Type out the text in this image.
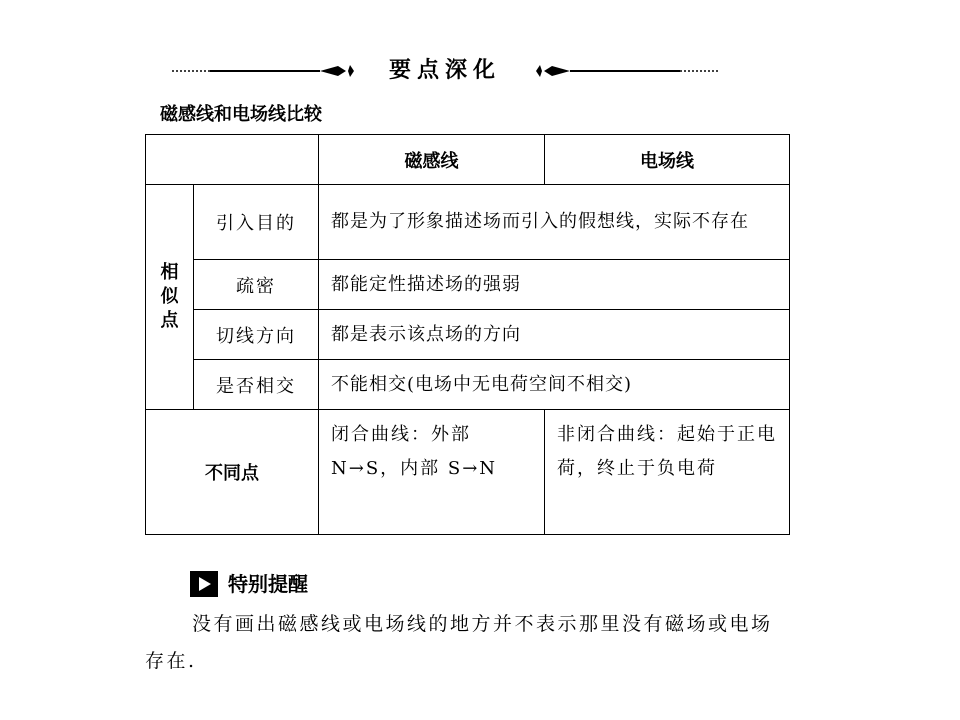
要点深化
磁感线和电场线比较
		磁感线	电场线

相似点	引入目的	都是为了形象描述场而引入的假想线，实际不存在	
	疏密	都能定性描述场的强弱	
	切线方向	都是表示该点场的方向	
	是否相交	不能相交(电场中无电荷空间不相交)	
不同点		闭合曲线：外部 N→S，内部 S→N	非闭合曲线：起始于正电荷，终止于负电荷
特别提醒
没有画出磁感线或电场线的地方并不表示那里没有磁场或电场存在.
